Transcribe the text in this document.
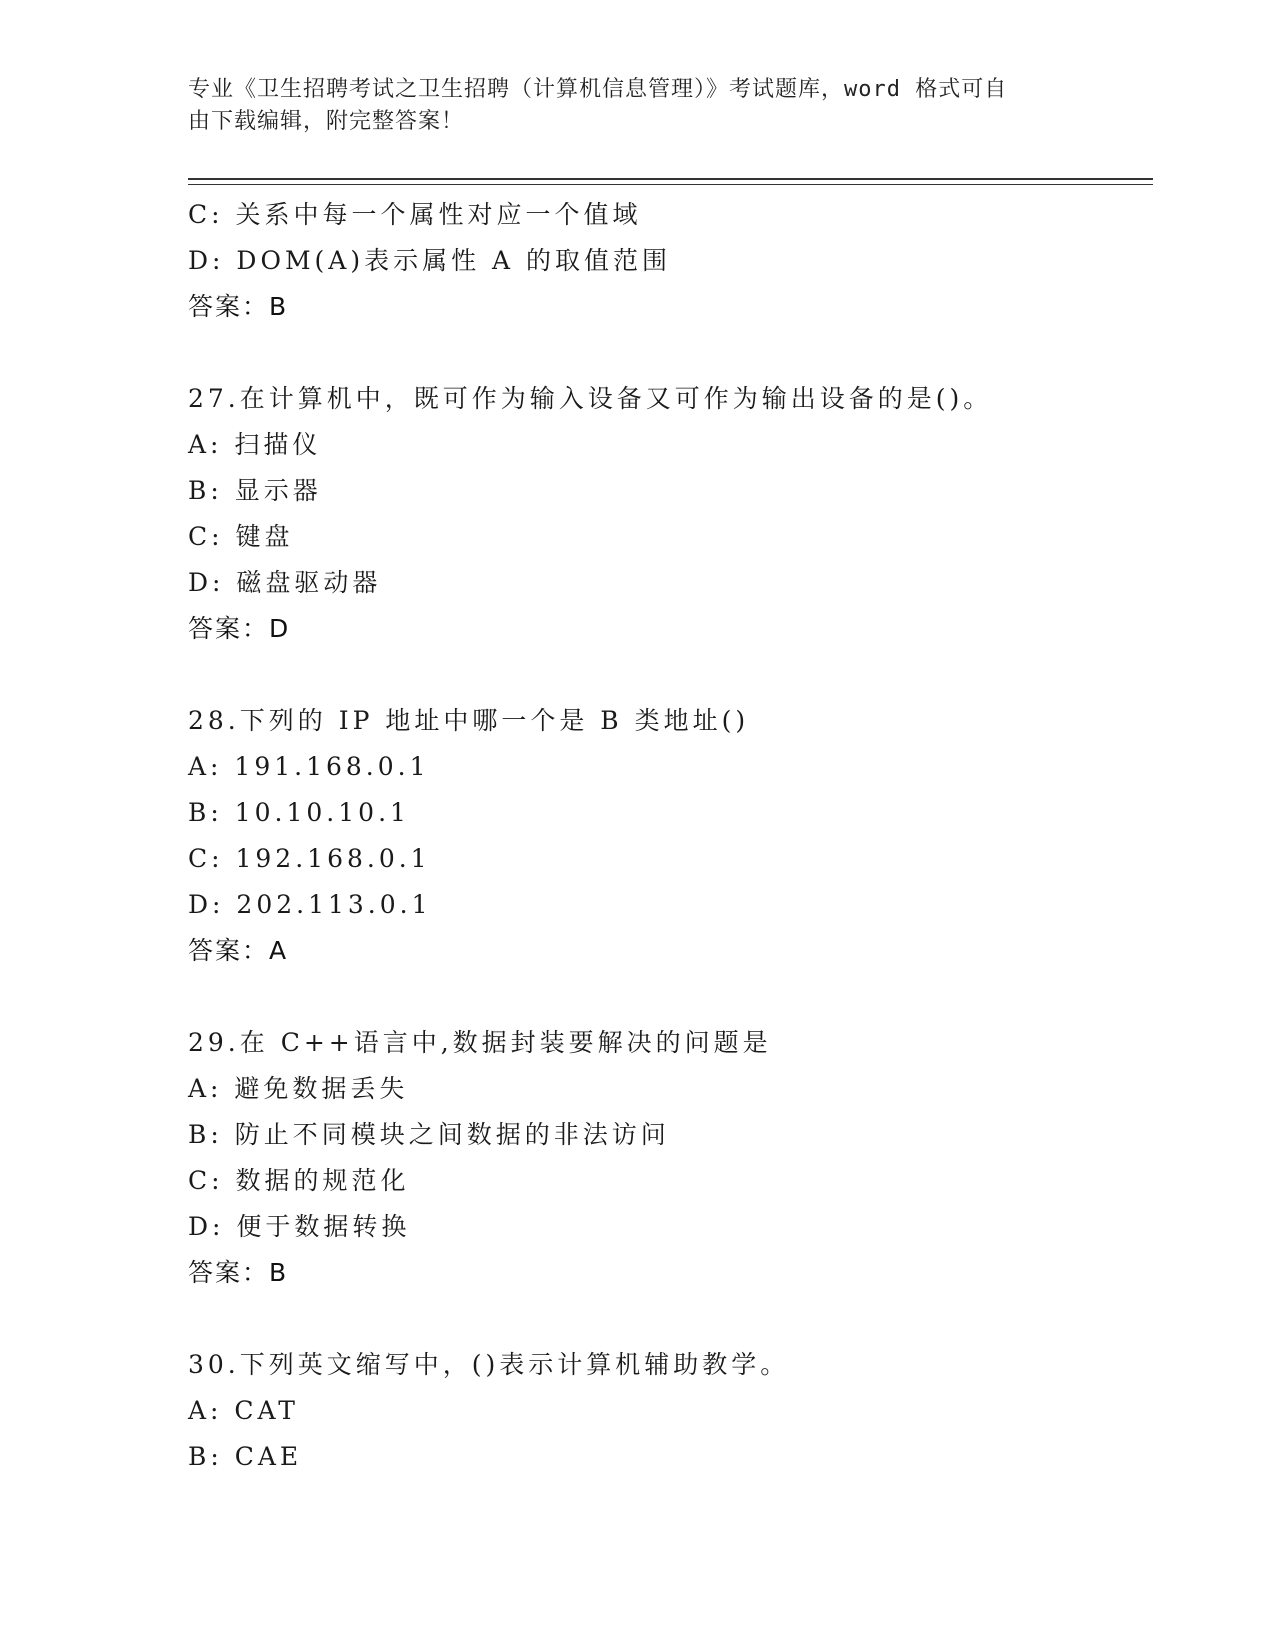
专业《卫生招聘考试之卫生招聘（计算机信息管理）》考试题库，word 格式可自
由下载编辑，附完整答案！
C: 关系中每一个属性对应一个值域
D: DOM(A)表示属性 A 的取值范围
答案：B
27.在计算机中，既可作为输入设备又可作为输出设备的是()。
A: 扫描仪
B: 显示器
C: 键盘
D: 磁盘驱动器
答案：D
28.下列的 IP 地址中哪一个是 B 类地址()
A: 191.168.0.1
B: 10.10.10.1
C: 192.168.0.1
D: 202.113.0.1
答案：A
29.在 C++语言中,数据封装要解决的问题是
A: 避免数据丢失
B: 防止不同模块之间数据的非法访问
C: 数据的规范化
D: 便于数据转换
答案：B
30.下列英文缩写中，()表示计算机辅助教学。
A: CAT
B: CAE
